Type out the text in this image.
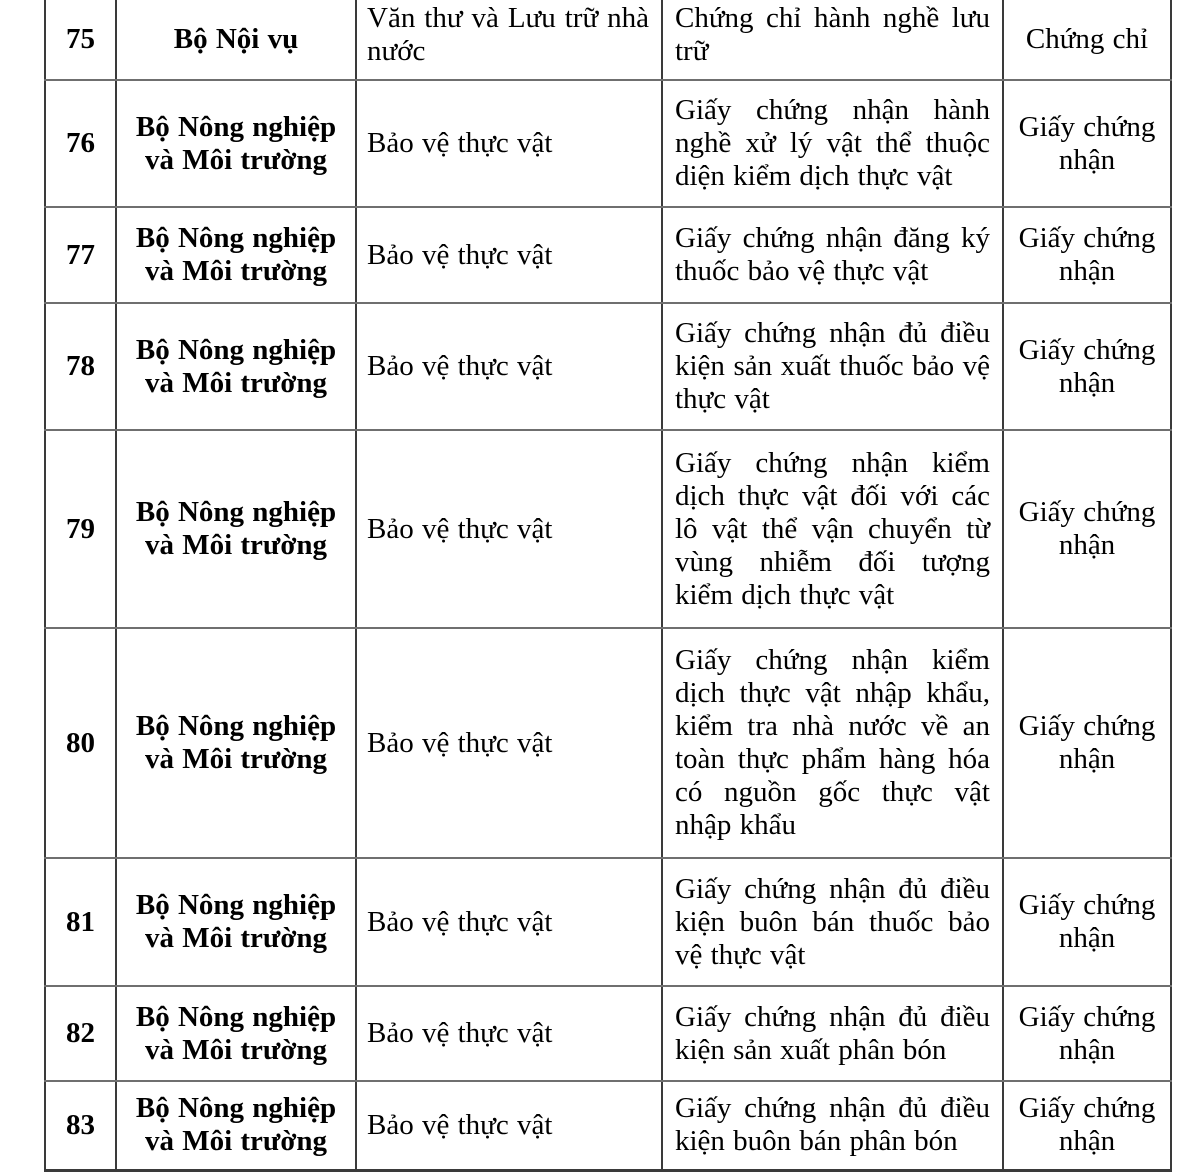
75	Bộ Nội vụ	Văn thư và Lưu trữ nhà nước	Chứng chỉ hành nghề lưu trữ	Chứng chỉ
76	Bộ Nông nghiệp và Môi trường	Bảo vệ thực vật	Giấy chứng nhận hành nghề xử lý vật thể thuộc diện kiểm dịch thực vật	Giấy chứng nhận
77	Bộ Nông nghiệp và Môi trường	Bảo vệ thực vật	Giấy chứng nhận đăng ký thuốc bảo vệ thực vật	Giấy chứng nhận
78	Bộ Nông nghiệp và Môi trường	Bảo vệ thực vật	Giấy chứng nhận đủ điều kiện sản xuất thuốc bảo vệ thực vật	Giấy chứng nhận
79	Bộ Nông nghiệp và Môi trường	Bảo vệ thực vật	Giấy chứng nhận kiểm dịch thực vật đối với các lô vật thể vận chuyển từ vùng nhiễm đối tượng kiểm dịch thực vật	Giấy chứng nhận
80	Bộ Nông nghiệp và Môi trường	Bảo vệ thực vật	Giấy chứng nhận kiểm dịch thực vật nhập khẩu, kiểm tra nhà nước về an toàn thực phẩm hàng hóa có nguồn gốc thực vật nhập khẩu	Giấy chứng nhận
81	Bộ Nông nghiệp và Môi trường	Bảo vệ thực vật	Giấy chứng nhận đủ điều kiện buôn bán thuốc bảo vệ thực vật	Giấy chứng nhận
82	Bộ Nông nghiệp và Môi trường	Bảo vệ thực vật	Giấy chứng nhận đủ điều kiện sản xuất phân bón	Giấy chứng nhận
83	Bộ Nông nghiệp và Môi trường	Bảo vệ thực vật	Giấy chứng nhận đủ điều kiện buôn bán phân bón	Giấy chứng nhận
